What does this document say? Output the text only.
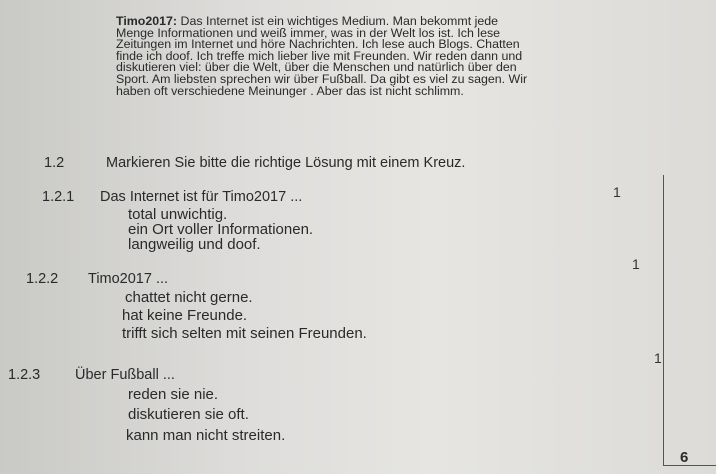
Timo2017: Das Internet ist ein wichtiges Medium. Man bekommt jede
Menge Informationen und weiß immer, was in der Welt los ist. Ich lese
Zeitungen im Internet und höre Nachrichten. Ich lese auch Blogs. Chatten
finde ich doof. Ich treffe mich lieber live mit Freunden. Wir reden dann und
diskutieren viel: über die Welt, über die Menschen und natürlich über den
Sport. Am liebsten sprechen wir über Fußball. Da gibt es viel zu sagen. Wir
haben oft verschiedene Meinunger . Aber das ist nicht schlimm.
1.2	Markieren Sie bitte die richtige Lösung mit einem Kreuz.
1.2.1 Das Internet ist für Timo2017 ...	1
total unwichtig.
ein Ort voller Informationen.
langweilig und doof.
1.2.2 Timo2017 ...
1
chattet nicht gerne.
hat keine Freunde.
trifft sich selten mit seinen Freunden.
1.2.3 Über Fußball ...
1
reden sie nie.
diskutieren sie oft.
kann man nicht streiten.
6
